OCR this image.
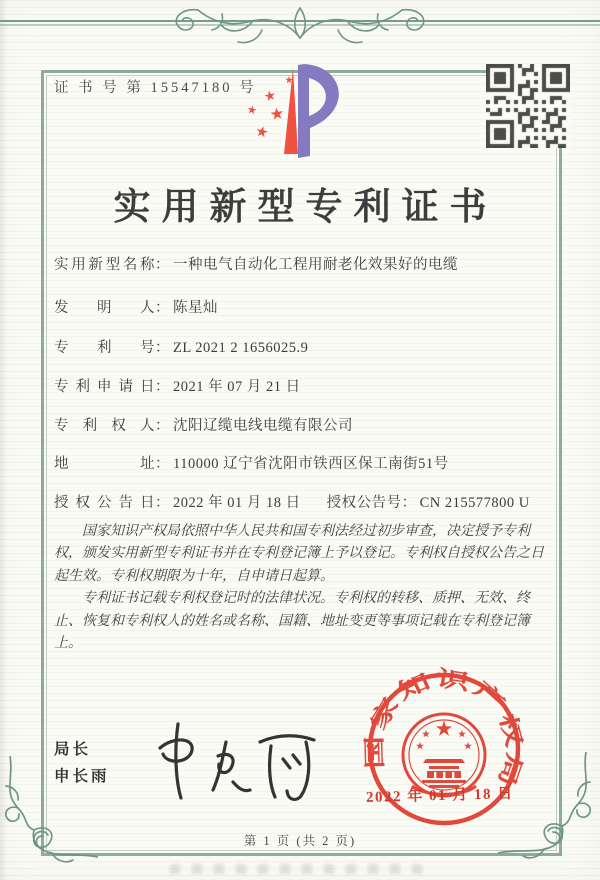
证 书 号 第 15547180 号
实用新型专利证书
实用新型名称： 一种电气自动化工程用耐老化效果好的电缆
发　明　人： 陈星灿
专　利　号： ZL 2021 2 1656025.9
专利申请日： 2021 年 07 月 21 日
专 利 权 人： 沈阳辽缆电线电缆有限公司
地　　址： 110000 辽宁省沈阳市铁西区保工南街51号
授权公告日： 2022 年 01 月 18 日 授权公告号： CN 215577800 U

国家知识产权局依照中华人民共和国专利法经过初步审查，决定授予专利权，颁发实用新型专利证书并在专利登记簿上予以登记。专利权自授权公告之日起生效。专利权期限为十年，自申请日起算。

专利证书记载专利权登记时的法律状况。专利权的转移、质押、无效、终止、恢复和专利权人的姓名或名称、国籍、地址变更等事项记载在专利登记簿上。

局长
申长雨
国家知识产权局
2022 年 01 月 18 日
第 1 页 (共 2 页)
